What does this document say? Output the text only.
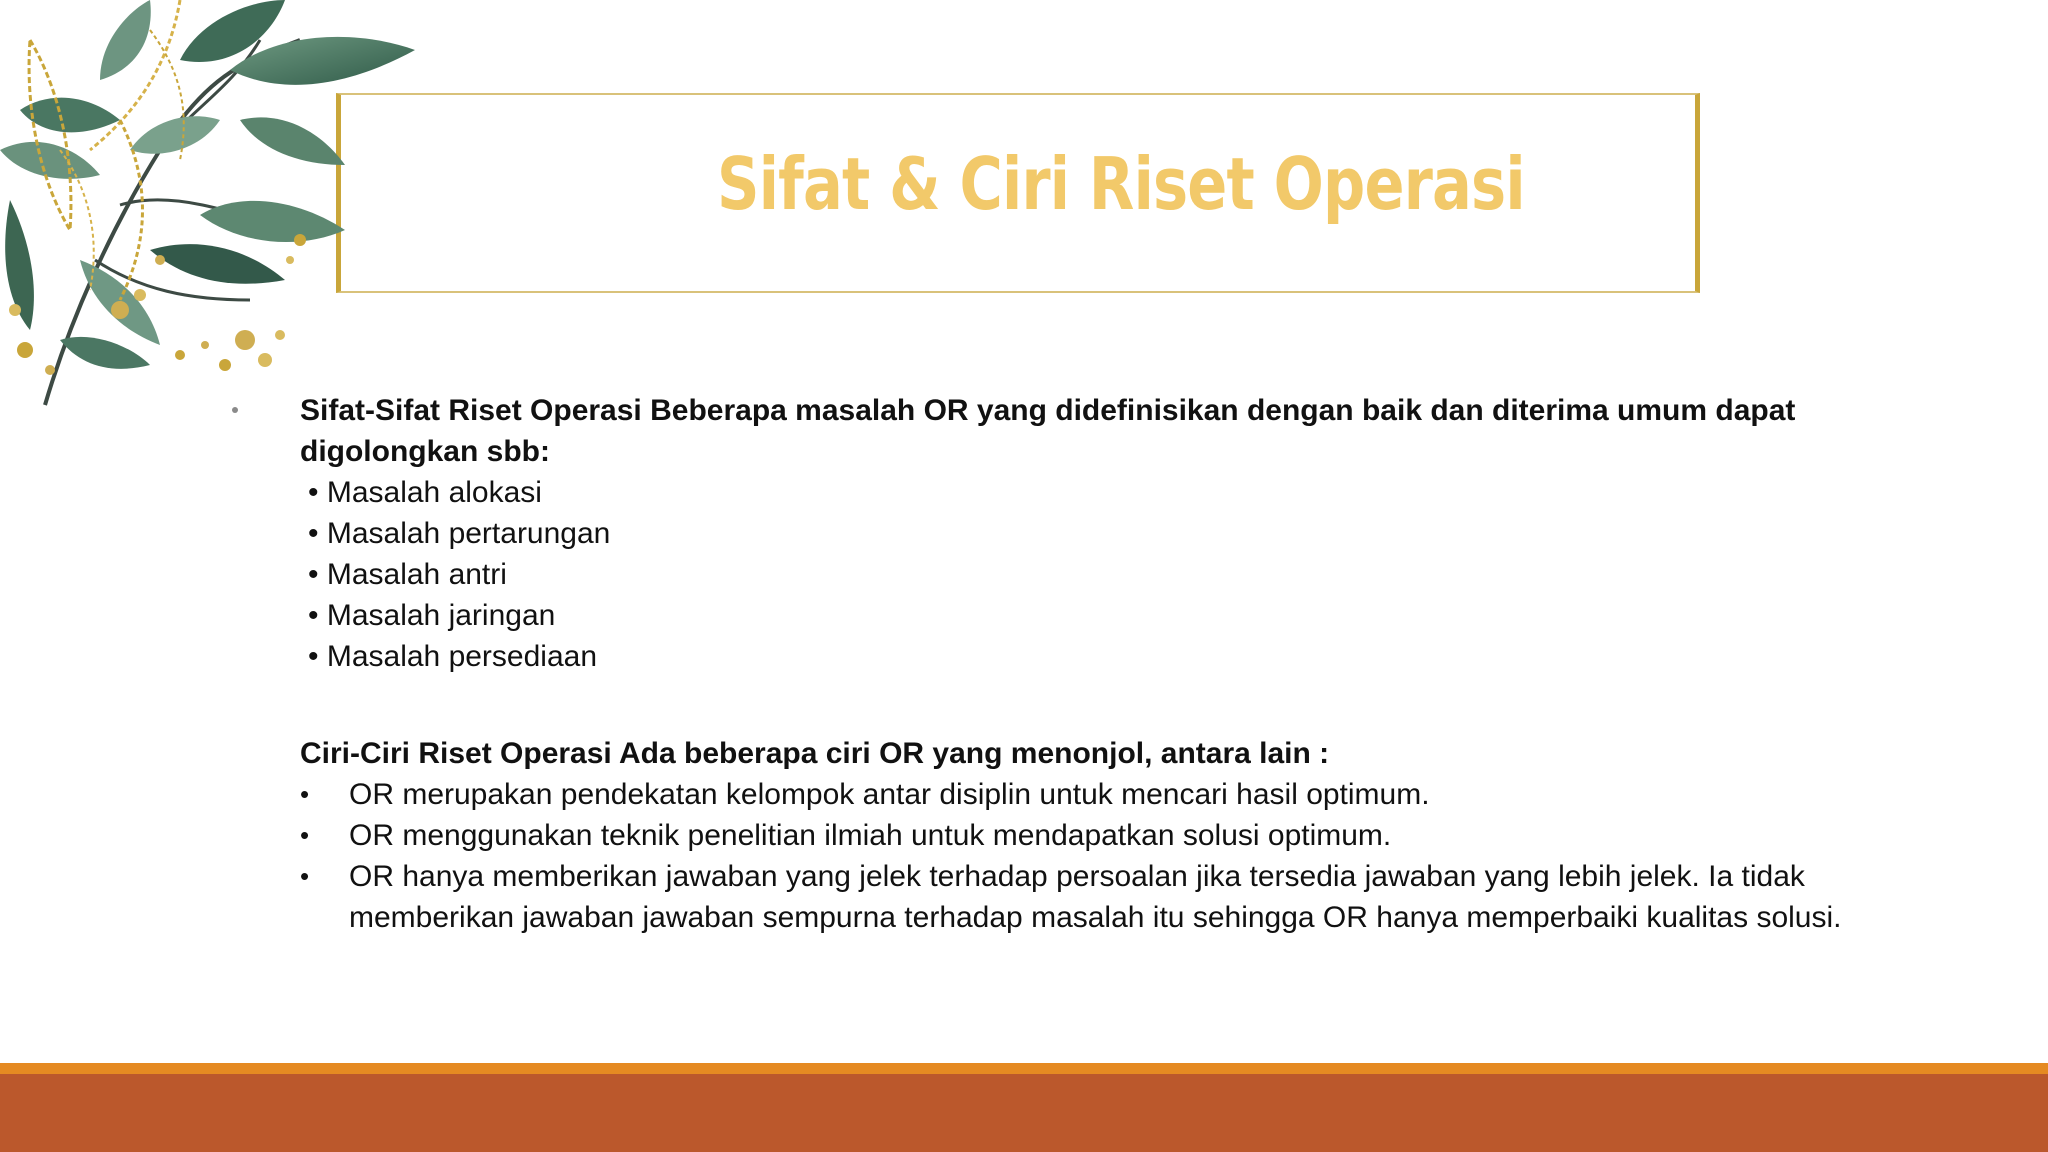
Sifat & Ciri Riset Operasi

Sifat-Sifat Riset Operasi Beberapa masalah OR yang didefinisikan dengan baik dan diterima umum dapat digolongkan sbb:

• Masalah alokasi
• Masalah pertarungan
• Masalah antri
• Masalah jaringan
• Masalah persediaan

Ciri-Ciri Riset Operasi Ada beberapa ciri OR yang menonjol, antara lain :

• OR merupakan pendekatan kelompok antar disiplin untuk mencari hasil optimum.
• OR menggunakan teknik penelitian ilmiah untuk mendapatkan solusi optimum.
• OR hanya memberikan jawaban yang jelek terhadap persoalan jika tersedia jawaban yang lebih jelek. Ia tidak memberikan jawaban jawaban sempurna terhadap masalah itu sehingga OR hanya memperbaiki kualitas solusi.
